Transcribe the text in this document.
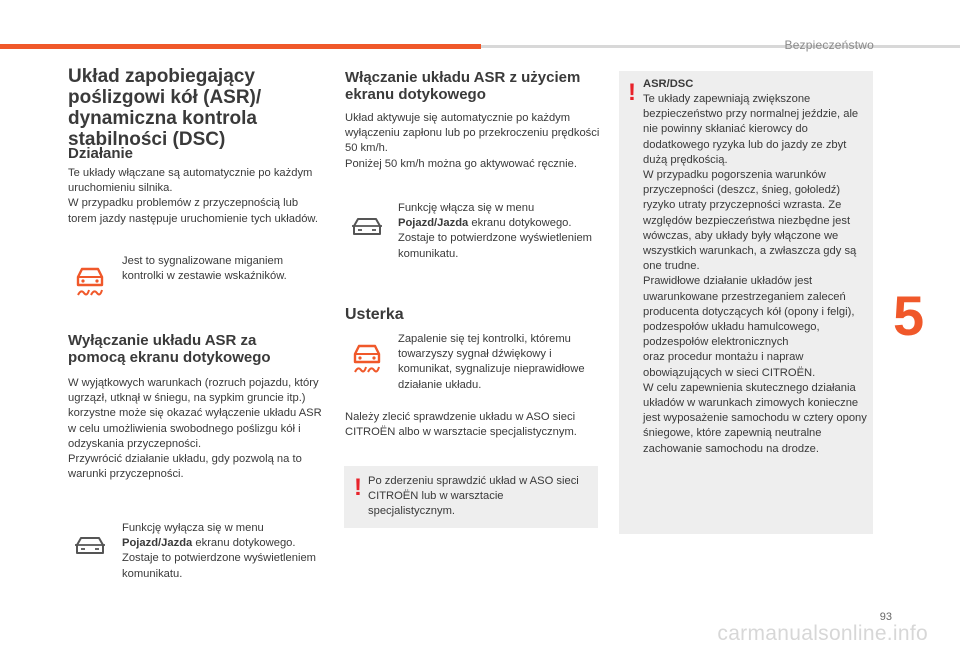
Bezpieczeństwo
5
Układ zapobiegający poślizgowi kół (ASR)/ dynamiczna kontrola stabilności (DSC)
Działanie
Te układy włączane są automatycznie po każdym uruchomieniu silnika.
W przypadku problemów z przyczepnością lub torem jazdy następuje uruchomienie tych układów.
Jest to sygnalizowane miganiem kontrolki w zestawie wskaźników.
Wyłączanie układu ASR za pomocą ekranu dotykowego
W wyjątkowych warunkach (rozruch pojazdu, który ugrzązł, utknął w śniegu, na sypkim gruncie itp.) korzystne może się okazać wyłączenie układu ASR w celu umożliwienia swobodnego poślizgu kół i odzyskania przyczepności.
Przywrócić działanie układu, gdy pozwolą na to warunki przyczepności.
Funkcję wyłącza się w menu Pojazd/Jazda ekranu dotykowego.
Zostaje to potwierdzone wyświetleniem komunikatu.
Włączanie układu ASR z użyciem ekranu dotykowego
Układ aktywuje się automatycznie po każdym wyłączeniu zapłonu lub po przekroczeniu prędkości 50 km/h.
Poniżej 50 km/h można go aktywować ręcznie.
Funkcję włącza się w menu Pojazd/Jazda ekranu dotykowego.
Zostaje to potwierdzone wyświetleniem komunikatu.
Usterka
Zapalenie się tej kontrolki, któremu towarzyszy sygnał dźwiękowy i komunikat, sygnalizuje nieprawidłowe działanie układu.
Należy zlecić sprawdzenie układu w ASO sieci CITROËN albo w warsztacie specjalistycznym.
! Po zderzeniu sprawdzić układ w ASO sieci CITROËN lub w warsztacie specjalistycznym.
! ASR/DSC
Te układy zapewniają zwiększone bezpieczeństwo przy normalnej jeździe, ale nie powinny skłaniać kierowcy do dodatkowego ryzyka lub do jazdy ze zbyt dużą prędkością.
W przypadku pogorszenia warunków przyczepności (deszcz, śnieg, gołoledź) ryzyko utraty przyczepności wzrasta. Ze względów bezpieczeństwa niezbędne jest wówczas, aby układy były włączone we wszystkich warunkach, a zwłaszcza gdy są one trudne.
Prawidłowe działanie układów jest uwarunkowane przestrzeganiem zaleceń producenta dotyczących kół (opony i felgi), podzespołów układu hamulcowego, podzespołów elektronicznych
oraz procedur montażu i napraw obowiązujących w sieci CITROËN.
W celu zapewnienia skutecznego działania układów w warunkach zimowych konieczne jest wyposażenie samochodu w cztery opony śniegowe, które zapewnią neutralne zachowanie samochodu na drodze.
93
carmanualsonline.info
